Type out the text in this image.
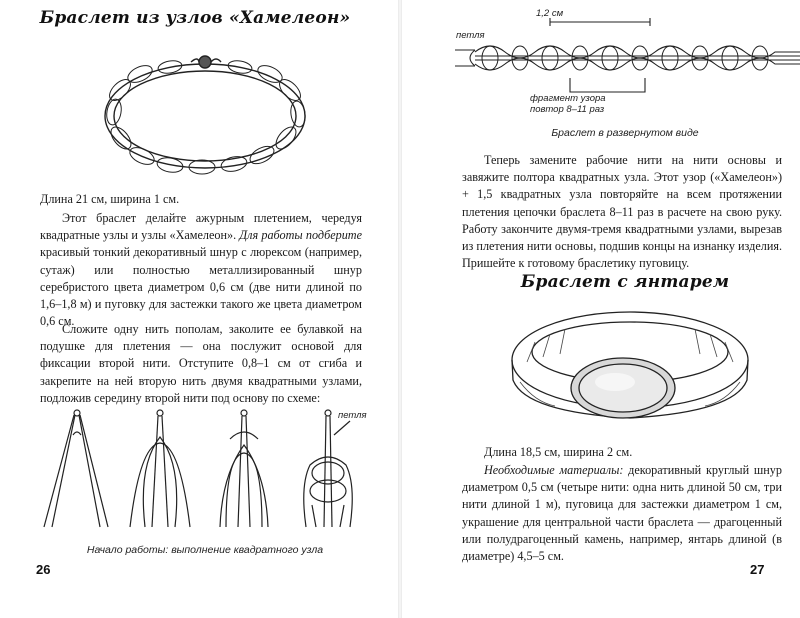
Браслет из узлов «Хамелеон»
Длина 21 см, ширина 1 см.
Этот браслет делайте ажурным плетением, чередуя квадратные узлы и узлы «Хамелеон». Для работы подберите красивый тонкий декоративный шнур с люрексом (например, сутаж) или полностью металлизированный шнур серебристого цвета диаметром 0,6 см (две нити длиной по 1,6–1,8 м) и пуговку для застежки такого же цвета диаметром 0,6 см.
Сложите одну нить пополам, заколите ее булавкой на подушке для плетения — она послужит основой для фиксации второй нити. Отступите 0,8–1 см от сгиба и закрепите на ней вторую нить двумя квадратными узлами, подложив середину второй нити под основу по схеме:
петля
Начало работы: выполнение квадратного узла
26
1,2 см
петля
фрагмент узора
повтор 8–11 раз
Браслет в развернутом виде
Теперь замените рабочие нити на нити основы и завяжите полтора квадратных узла. Этот узор («Хамелеон») + 1,5 квадратных узла повторяйте на всем протяжении плетения цепочки браслета 8–11 раз в расчете на свою руку. Работу закончите двумя-тремя квадратными узлами, вырезав из плетения нити основы, подшив концы на изнанку изделия. Пришейте к готовому браслетику пуговицу.
Браслет с янтарем
Длина 18,5 см, ширина 2 см.
Необходимые материалы: декоративный круглый шнур диаметром 0,5 см (четыре нити: одна нить длиной 50 см, три нити длиной 1 м), пуговица для застежки диаметром 1 см, украшение для центральной части браслета — драгоценный или полудрагоценный камень, например, янтарь длиной (в диаметре) 4,5–5 см.
27
